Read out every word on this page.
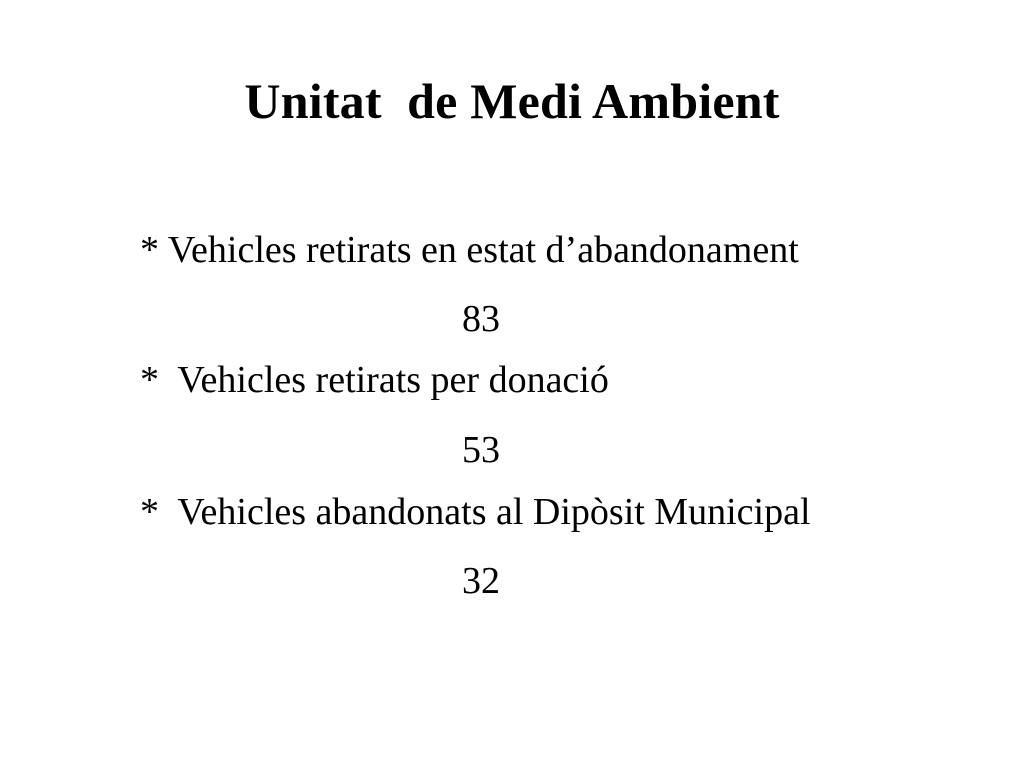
Unitat  de Medi Ambient
* Vehicles retirats en estat d’abandonament
83
*  Vehicles retirats per donació
53
*  Vehicles abandonats al Dipòsit Municipal
32
